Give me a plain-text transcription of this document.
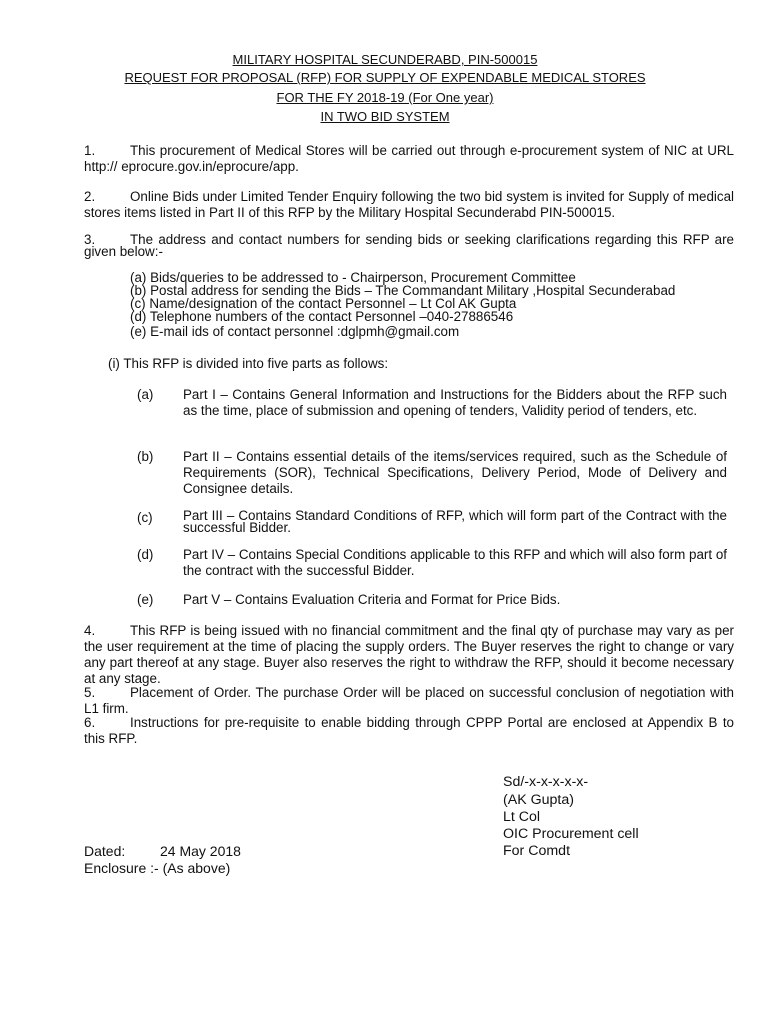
MILITARY HOSPITAL SECUNDERABD, PIN-500015
REQUEST FOR PROPOSAL (RFP) FOR SUPPLY OF EXPENDABLE MEDICAL STORES
FOR THE FY 2018-19 (For One year)
IN TWO BID SYSTEM
1.	This procurement of Medical Stores will be carried out through e-procurement system of NIC at URL http:// eprocure.gov.in/eprocure/app.
2.	Online Bids under Limited Tender Enquiry following the two bid system is invited for Supply of medical stores items listed in Part II of this RFP by the Military Hospital Secunderabd PIN-500015.
3.	The address and contact numbers for sending bids or seeking clarifications regarding this RFP are given below:-
(a) Bids/queries to be addressed to - Chairperson, Procurement Committee
(b) Postal address for sending the Bids – The Commandant Military ,Hospital Secunderabad
(c) Name/designation of the contact Personnel – Lt Col AK Gupta
(d) Telephone numbers of the contact Personnel –040-27886546
(e) E-mail ids of contact personnel :dglpmh@gmail.com
(i) This RFP is divided into five parts as follows:
(a) Part I – Contains General Information and Instructions for the Bidders about the RFP such as the time, place of submission and opening of tenders, Validity period of tenders, etc.
(b) Part II – Contains essential details of the items/services required, such as the Schedule of Requirements (SOR), Technical Specifications, Delivery Period, Mode of Delivery and Consignee details.
(c) Part III – Contains Standard Conditions of RFP, which will form part of the Contract with the successful Bidder.
(d) Part IV – Contains Special Conditions applicable to this RFP and which will also form part of the contract with the successful Bidder.
(e) Part V – Contains Evaluation Criteria and Format for Price Bids.
4.	This RFP is being issued with no financial commitment and the final qty of purchase may vary as per the user requirement at the time of placing the supply orders. The Buyer reserves the right to change or vary any part thereof at any stage. Buyer also reserves the right to withdraw the RFP, should it become necessary at any stage.
5.	Placement of Order. The purchase Order will be placed on successful conclusion of negotiation with L1 firm.
6.	Instructions for pre-requisite to enable bidding through CPPP Portal are enclosed at Appendix B to this RFP.
Sd/-x-x-x-x-x-
(AK Gupta)
Lt Col
OIC Procurement cell
For Comdt
Dated: 24 May 2018
Enclosure :- (As above)
